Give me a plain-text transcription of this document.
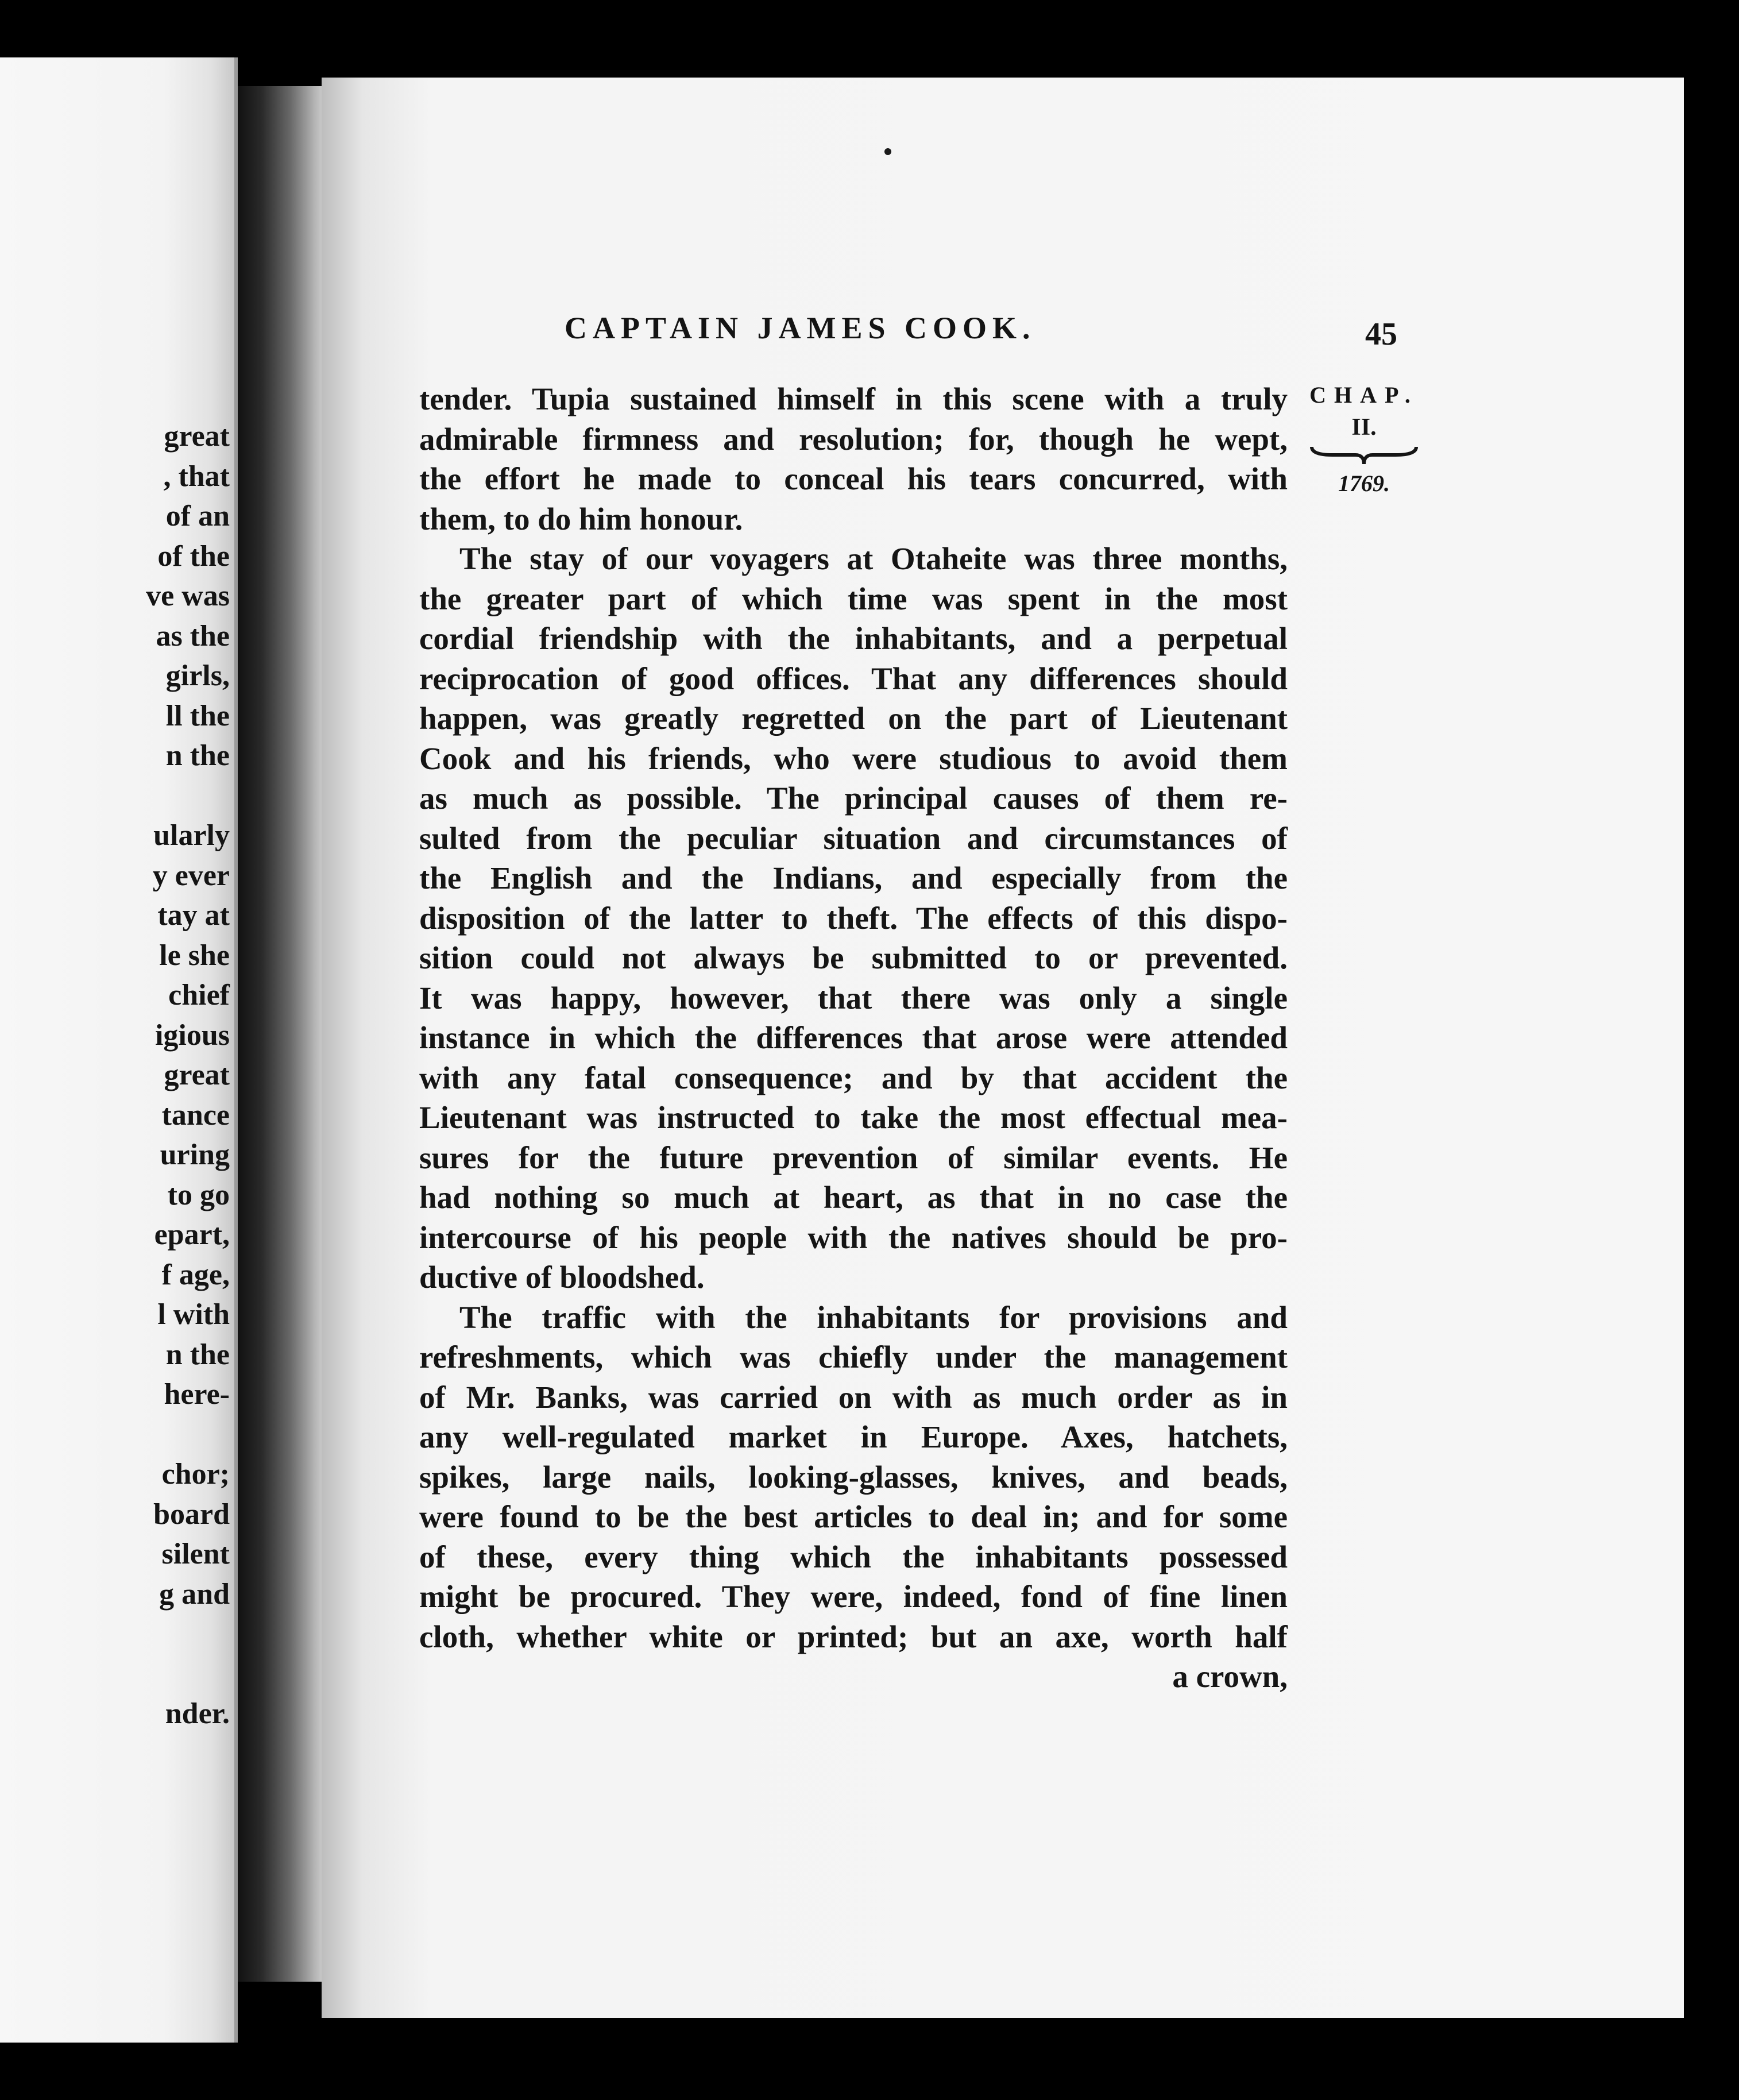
great
, that
of an
of the
ve was
as the
girls,
ll the
n the
ularly
y ever
tay at
le she
chief
igious
great
tance
uring
to go
epart,
f age,
l with
n the
here-
chor;
board
silent
g and
nder.
CAPTAIN JAMES COOK.	45
CHAP.
II.
1769.
tender. Tupia sustained himself in this scene with a truly
admirable firmness and resolution; for, though he wept,
the effort he made to conceal his tears concurred, with
them, to do him honour.
The stay of our voyagers at Otaheite was three months,
the greater part of which time was spent in the most
cordial friendship with the inhabitants, and a perpetual
reciprocation of good offices. That any differences should
happen, was greatly regretted on the part of Lieutenant
Cook and his friends, who were studious to avoid them
as much as possible. The principal causes of them re-
sulted from the peculiar situation and circumstances of
the English and the Indians, and especially from the
disposition of the latter to theft. The effects of this dispo-
sition could not always be submitted to or prevented.
It was happy, however, that there was only a single
instance in which the differences that arose were attended
with any fatal consequence; and by that accident the
Lieutenant was instructed to take the most effectual mea-
sures for the future prevention of similar events. He
had nothing so much at heart, as that in no case the
intercourse of his people with the natives should be pro-
ductive of bloodshed.
The traffic with the inhabitants for provisions and
refreshments, which was chiefly under the management
of Mr. Banks, was carried on with as much order as in
any well-regulated market in Europe. Axes, hatchets,
spikes, large nails, looking-glasses, knives, and beads,
were found to be the best articles to deal in; and for some
of these, every thing which the inhabitants possessed
might be procured. They were, indeed, fond of fine linen
cloth, whether white or printed; but an axe, worth half
a crown,
